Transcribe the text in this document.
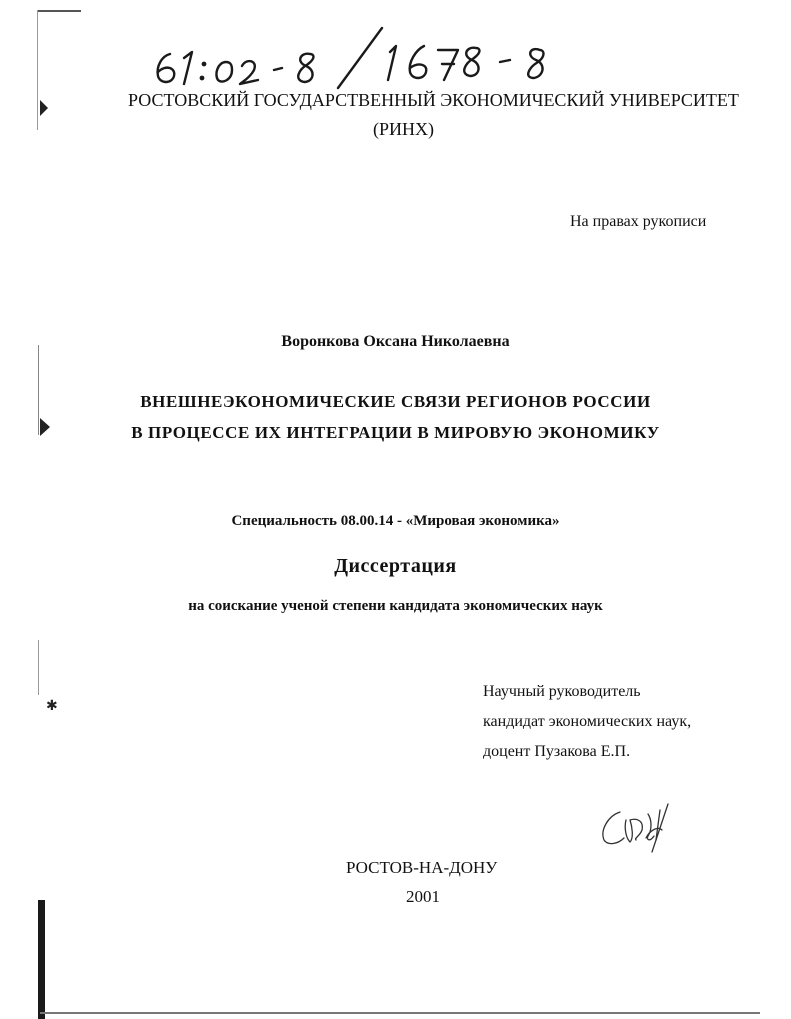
✱
РОСТОВСКИЙ ГОСУДАРСТВЕННЫЙ ЭКОНОМИЧЕСКИЙ УНИВЕРСИТЕТ
(РИНХ)
На правах рукописи
Воронкова Оксана Николаевна
ВНЕШНЕЭКОНОМИЧЕСКИЕ СВЯЗИ РЕГИОНОВ РОССИИ
В ПРОЦЕССЕ ИХ ИНТЕГРАЦИИ В МИРОВУЮ ЭКОНОМИКУ
Специальность 08.00.14 - «Мировая экономика»
Диссертация
на соискание ученой степени кандидата экономических наук
Научный руководитель
кандидат экономических наук,
доцент Пузакова Е.П.
РОСТОВ-НА-ДОНУ
2001
